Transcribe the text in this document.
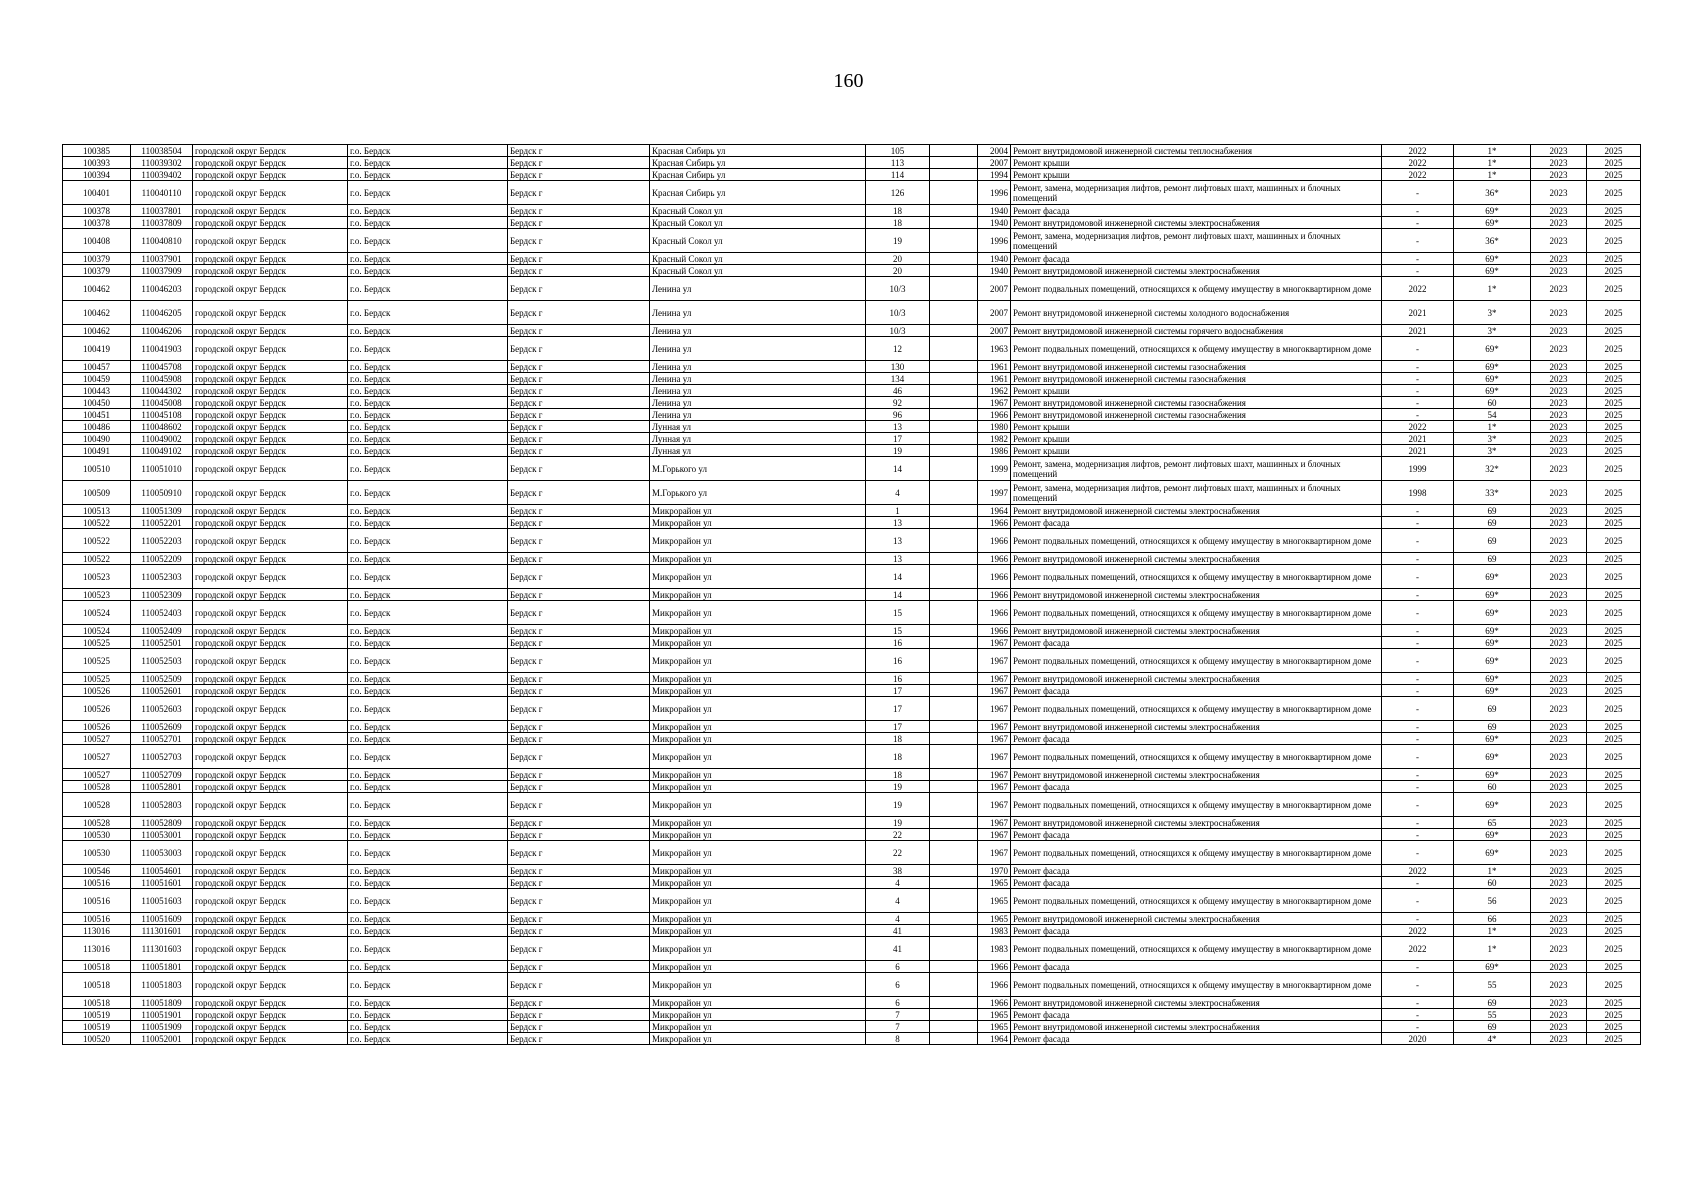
160
100385	110038504	городской округ Бердск	г.о. Бердск	Бердск г	Красная Сибирь ул	105		2004	Ремонт внутридомовой инженерной системы теплоснабжения	2022	1*	2023	2025
100393	110039302	городской округ Бердск	г.о. Бердск	Бердск г	Красная Сибирь ул	113		2007	Ремонт крыши	2022	1*	2023	2025
100394	110039402	городской округ Бердск	г.о. Бердск	Бердск г	Красная Сибирь ул	114		1994	Ремонт крыши	2022	1*	2023	2025
100401	110040110	городской округ Бердск	г.о. Бердск	Бердск г	Красная Сибирь ул	126		1996	Ремонт, замена, модернизация лифтов, ремонт лифтовых шахт, машинных и блочных помещений	-	36*	2023	2025
100378	110037801	городской округ Бердск	г.о. Бердск	Бердск г	Красный Сокол ул	18		1940	Ремонт фасада	-	69*	2023	2025
100378	110037809	городской округ Бердск	г.о. Бердск	Бердск г	Красный Сокол ул	18		1940	Ремонт внутридомовой инженерной системы электроснабжения	-	69*	2023	2025
100408	110040810	городской округ Бердск	г.о. Бердск	Бердск г	Красный Сокол ул	19		1996	Ремонт, замена, модернизация лифтов, ремонт лифтовых шахт, машинных и блочных помещений	-	36*	2023	2025
100379	110037901	городской округ Бердск	г.о. Бердск	Бердск г	Красный Сокол ул	20		1940	Ремонт фасада	-	69*	2023	2025
100379	110037909	городской округ Бердск	г.о. Бердск	Бердск г	Красный Сокол ул	20		1940	Ремонт внутридомовой инженерной системы электроснабжения	-	69*	2023	2025
100462	110046203	городской округ Бердск	г.о. Бердск	Бердск г	Ленина ул	10/3		2007	Ремонт подвальных помещений, относящихся к общему имуществу в многоквартирном доме	2022	1*	2023	2025
100462	110046205	городской округ Бердск	г.о. Бердск	Бердск г	Ленина ул	10/3		2007	Ремонт внутридомовой инженерной системы холодного водоснабжения	2021	3*	2023	2025
100462	110046206	городской округ Бердск	г.о. Бердск	Бердск г	Ленина ул	10/3		2007	Ремонт внутридомовой инженерной системы горячего водоснабжения	2021	3*	2023	2025
100419	110041903	городской округ Бердск	г.о. Бердск	Бердск г	Ленина ул	12		1963	Ремонт подвальных помещений, относящихся к общему имуществу в многоквартирном доме	-	69*	2023	2025
100457	110045708	городской округ Бердск	г.о. Бердск	Бердск г	Ленина ул	130		1961	Ремонт внутридомовой инженерной системы газоснабжения	-	69*	2023	2025
100459	110045908	городской округ Бердск	г.о. Бердск	Бердск г	Ленина ул	134		1961	Ремонт внутридомовой инженерной системы газоснабжения	-	69*	2023	2025
100443	110044302	городской округ Бердск	г.о. Бердск	Бердск г	Ленина ул	46		1962	Ремонт крыши	-	69*	2023	2025
100450	110045008	городской округ Бердск	г.о. Бердск	Бердск г	Ленина ул	92		1967	Ремонт внутридомовой инженерной системы газоснабжения	-	60	2023	2025
100451	110045108	городской округ Бердск	г.о. Бердск	Бердск г	Ленина ул	96		1966	Ремонт внутридомовой инженерной системы газоснабжения	-	54	2023	2025
100486	110048602	городской округ Бердск	г.о. Бердск	Бердск г	Лунная ул	13		1980	Ремонт крыши	2022	1*	2023	2025
100490	110049002	городской округ Бердск	г.о. Бердск	Бердск г	Лунная ул	17		1982	Ремонт крыши	2021	3*	2023	2025
100491	110049102	городской округ Бердск	г.о. Бердск	Бердск г	Лунная ул	19		1986	Ремонт крыши	2021	3*	2023	2025
100510	110051010	городской округ Бердск	г.о. Бердск	Бердск г	М.Горького ул	14		1999	Ремонт, замена, модернизация лифтов, ремонт лифтовых шахт, машинных и блочных помещений	1999	32*	2023	2025
100509	110050910	городской округ Бердск	г.о. Бердск	Бердск г	М.Горького ул	4		1997	Ремонт, замена, модернизация лифтов, ремонт лифтовых шахт, машинных и блочных помещений	1998	33*	2023	2025
100513	110051309	городской округ Бердск	г.о. Бердск	Бердск г	Микрорайон ул	1		1964	Ремонт внутридомовой инженерной системы электроснабжения	-	69	2023	2025
100522	110052201	городской округ Бердск	г.о. Бердск	Бердск г	Микрорайон ул	13		1966	Ремонт фасада	-	69	2023	2025
100522	110052203	городской округ Бердск	г.о. Бердск	Бердск г	Микрорайон ул	13		1966	Ремонт подвальных помещений, относящихся к общему имуществу в многоквартирном доме	-	69	2023	2025
100522	110052209	городской округ Бердск	г.о. Бердск	Бердск г	Микрорайон ул	13		1966	Ремонт внутридомовой инженерной системы электроснабжения	-	69	2023	2025
100523	110052303	городской округ Бердск	г.о. Бердск	Бердск г	Микрорайон ул	14		1966	Ремонт подвальных помещений, относящихся к общему имуществу в многоквартирном доме	-	69*	2023	2025
100523	110052309	городской округ Бердск	г.о. Бердск	Бердск г	Микрорайон ул	14		1966	Ремонт внутридомовой инженерной системы электроснабжения	-	69*	2023	2025
100524	110052403	городской округ Бердск	г.о. Бердск	Бердск г	Микрорайон ул	15		1966	Ремонт подвальных помещений, относящихся к общему имуществу в многоквартирном доме	-	69*	2023	2025
100524	110052409	городской округ Бердск	г.о. Бердск	Бердск г	Микрорайон ул	15		1966	Ремонт внутридомовой инженерной системы электроснабжения	-	69*	2023	2025
100525	110052501	городской округ Бердск	г.о. Бердск	Бердск г	Микрорайон ул	16		1967	Ремонт фасада	-	69*	2023	2025
100525	110052503	городской округ Бердск	г.о. Бердск	Бердск г	Микрорайон ул	16		1967	Ремонт подвальных помещений, относящихся к общему имуществу в многоквартирном доме	-	69*	2023	2025
100525	110052509	городской округ Бердск	г.о. Бердск	Бердск г	Микрорайон ул	16		1967	Ремонт внутридомовой инженерной системы электроснабжения	-	69*	2023	2025
100526	110052601	городской округ Бердск	г.о. Бердск	Бердск г	Микрорайон ул	17		1967	Ремонт фасада	-	69*	2023	2025
100526	110052603	городской округ Бердск	г.о. Бердск	Бердск г	Микрорайон ул	17		1967	Ремонт подвальных помещений, относящихся к общему имуществу в многоквартирном доме	-	69	2023	2025
100526	110052609	городской округ Бердск	г.о. Бердск	Бердск г	Микрорайон ул	17		1967	Ремонт внутридомовой инженерной системы электроснабжения	-	69	2023	2025
100527	110052701	городской округ Бердск	г.о. Бердск	Бердск г	Микрорайон ул	18		1967	Ремонт фасада	-	69*	2023	2025
100527	110052703	городской округ Бердск	г.о. Бердск	Бердск г	Микрорайон ул	18		1967	Ремонт подвальных помещений, относящихся к общему имуществу в многоквартирном доме	-	69*	2023	2025
100527	110052709	городской округ Бердск	г.о. Бердск	Бердск г	Микрорайон ул	18		1967	Ремонт внутридомовой инженерной системы электроснабжения	-	69*	2023	2025
100528	110052801	городской округ Бердск	г.о. Бердск	Бердск г	Микрорайон ул	19		1967	Ремонт фасада	-	60	2023	2025
100528	110052803	городской округ Бердск	г.о. Бердск	Бердск г	Микрорайон ул	19		1967	Ремонт подвальных помещений, относящихся к общему имуществу в многоквартирном доме	-	69*	2023	2025
100528	110052809	городской округ Бердск	г.о. Бердск	Бердск г	Микрорайон ул	19		1967	Ремонт внутридомовой инженерной системы электроснабжения	-	65	2023	2025
100530	110053001	городской округ Бердск	г.о. Бердск	Бердск г	Микрорайон ул	22		1967	Ремонт фасада	-	69*	2023	2025
100530	110053003	городской округ Бердск	г.о. Бердск	Бердск г	Микрорайон ул	22		1967	Ремонт подвальных помещений, относящихся к общему имуществу в многоквартирном доме	-	69*	2023	2025
100546	110054601	городской округ Бердск	г.о. Бердск	Бердск г	Микрорайон ул	38		1970	Ремонт фасада	2022	1*	2023	2025
100516	110051601	городской округ Бердск	г.о. Бердск	Бердск г	Микрорайон ул	4		1965	Ремонт фасада	-	60	2023	2025
100516	110051603	городской округ Бердск	г.о. Бердск	Бердск г	Микрорайон ул	4		1965	Ремонт подвальных помещений, относящихся к общему имуществу в многоквартирном доме	-	56	2023	2025
100516	110051609	городской округ Бердск	г.о. Бердск	Бердск г	Микрорайон ул	4		1965	Ремонт внутридомовой инженерной системы электроснабжения	-	66	2023	2025
113016	111301601	городской округ Бердск	г.о. Бердск	Бердск г	Микрорайон ул	41		1983	Ремонт фасада	2022	1*	2023	2025
113016	111301603	городской округ Бердск	г.о. Бердск	Бердск г	Микрорайон ул	41		1983	Ремонт подвальных помещений, относящихся к общему имуществу в многоквартирном доме	2022	1*	2023	2025
100518	110051801	городской округ Бердск	г.о. Бердск	Бердск г	Микрорайон ул	6		1966	Ремонт фасада	-	69*	2023	2025
100518	110051803	городской округ Бердск	г.о. Бердск	Бердск г	Микрорайон ул	6		1966	Ремонт подвальных помещений, относящихся к общему имуществу в многоквартирном доме	-	55	2023	2025
100518	110051809	городской округ Бердск	г.о. Бердск	Бердск г	Микрорайон ул	6		1966	Ремонт внутридомовой инженерной системы электроснабжения	-	69	2023	2025
100519	110051901	городской округ Бердск	г.о. Бердск	Бердск г	Микрорайон ул	7		1965	Ремонт фасада	-	55	2023	2025
100519	110051909	городской округ Бердск	г.о. Бердск	Бердск г	Микрорайон ул	7		1965	Ремонт внутридомовой инженерной системы электроснабжения	-	69	2023	2025
100520	110052001	городской округ Бердск	г.о. Бердск	Бердск г	Микрорайон ул	8		1964	Ремонт фасада	2020	4*	2023	2025
